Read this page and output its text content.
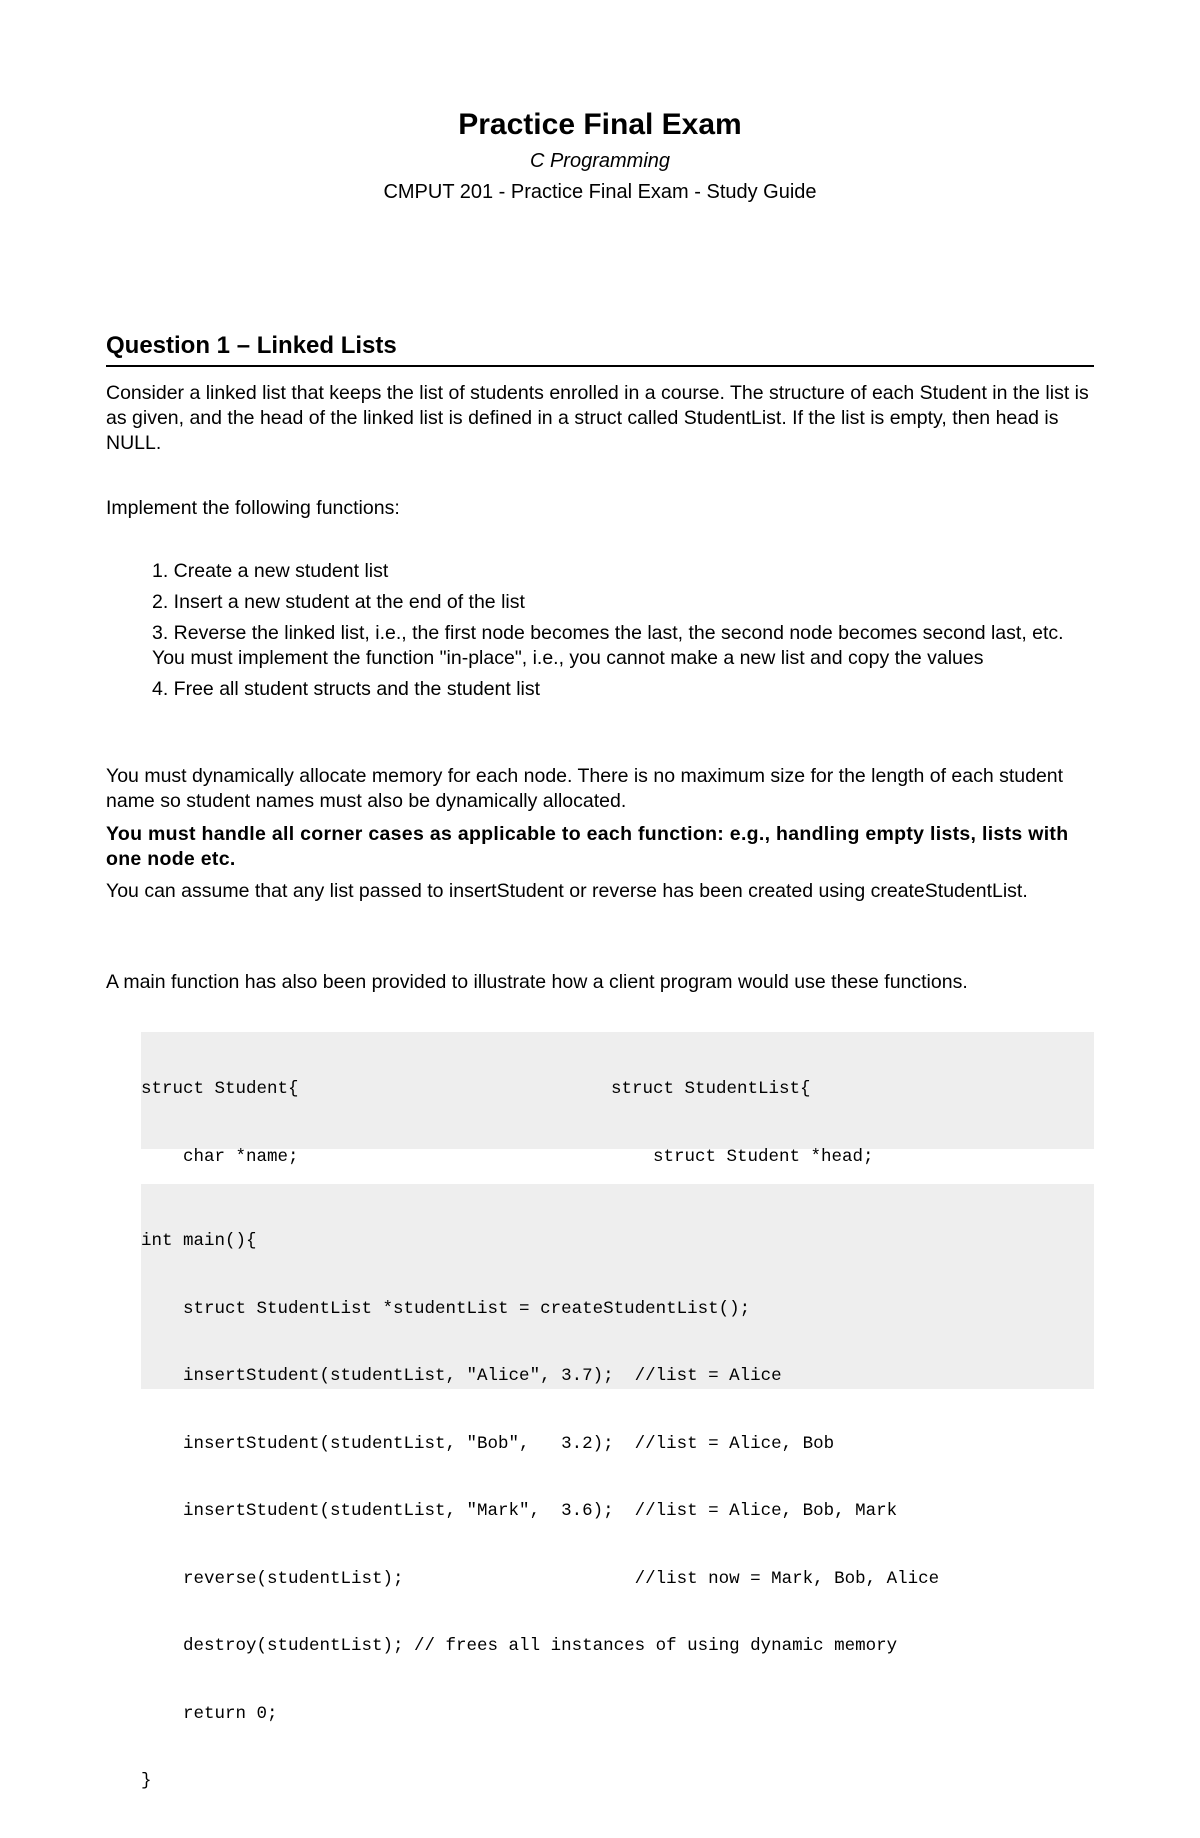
Practice Final Exam
C Programming
CMPUT 201 - Practice Final Exam - Study Guide
Question 1 – Linked Lists

Consider a linked list that keeps the list of students enrolled in a course. The structure of each Student in the list is as given, and the head of the linked list is defined in a struct called StudentList. If the list is empty, then head is NULL.

Implement the following functions:

1. Create a new student list
2. Insert a new student at the end of the list
3. Reverse the linked list, i.e., the first node becomes the last, the second node becomes second last, etc. You must implement the function "in-place", i.e., you cannot make a new list and copy the values
4. Free all student structs and the student list

You must dynamically allocate memory for each node. There is no maximum size for the length of each student name so student names must also be dynamically allocated.

You must handle all corner cases as applicable to each function: e.g., handling empty lists, lists with one node etc.

You can assume that any list passed to insertStudent or reverse has been created using createStudentList.

A main function has also been provided to illustrate how a client program would use these functions.

struct Student{

char *name;

struct StudentList{

struct Student *head;

int main(){

struct StudentList *studentList = createStudentList();

insertStudent(studentList, "Alice", 3.7);  //list = Alice

insertStudent(studentList, "Bob",   3.2);  //list = Alice, Bob

insertStudent(studentList, "Mark",  3.6);  //list = Alice, Bob, Mark

reverse(studentList);                      //list now = Mark, Bob, Alice

destroy(studentList); // frees all instances of using dynamic memory

return 0;

}
